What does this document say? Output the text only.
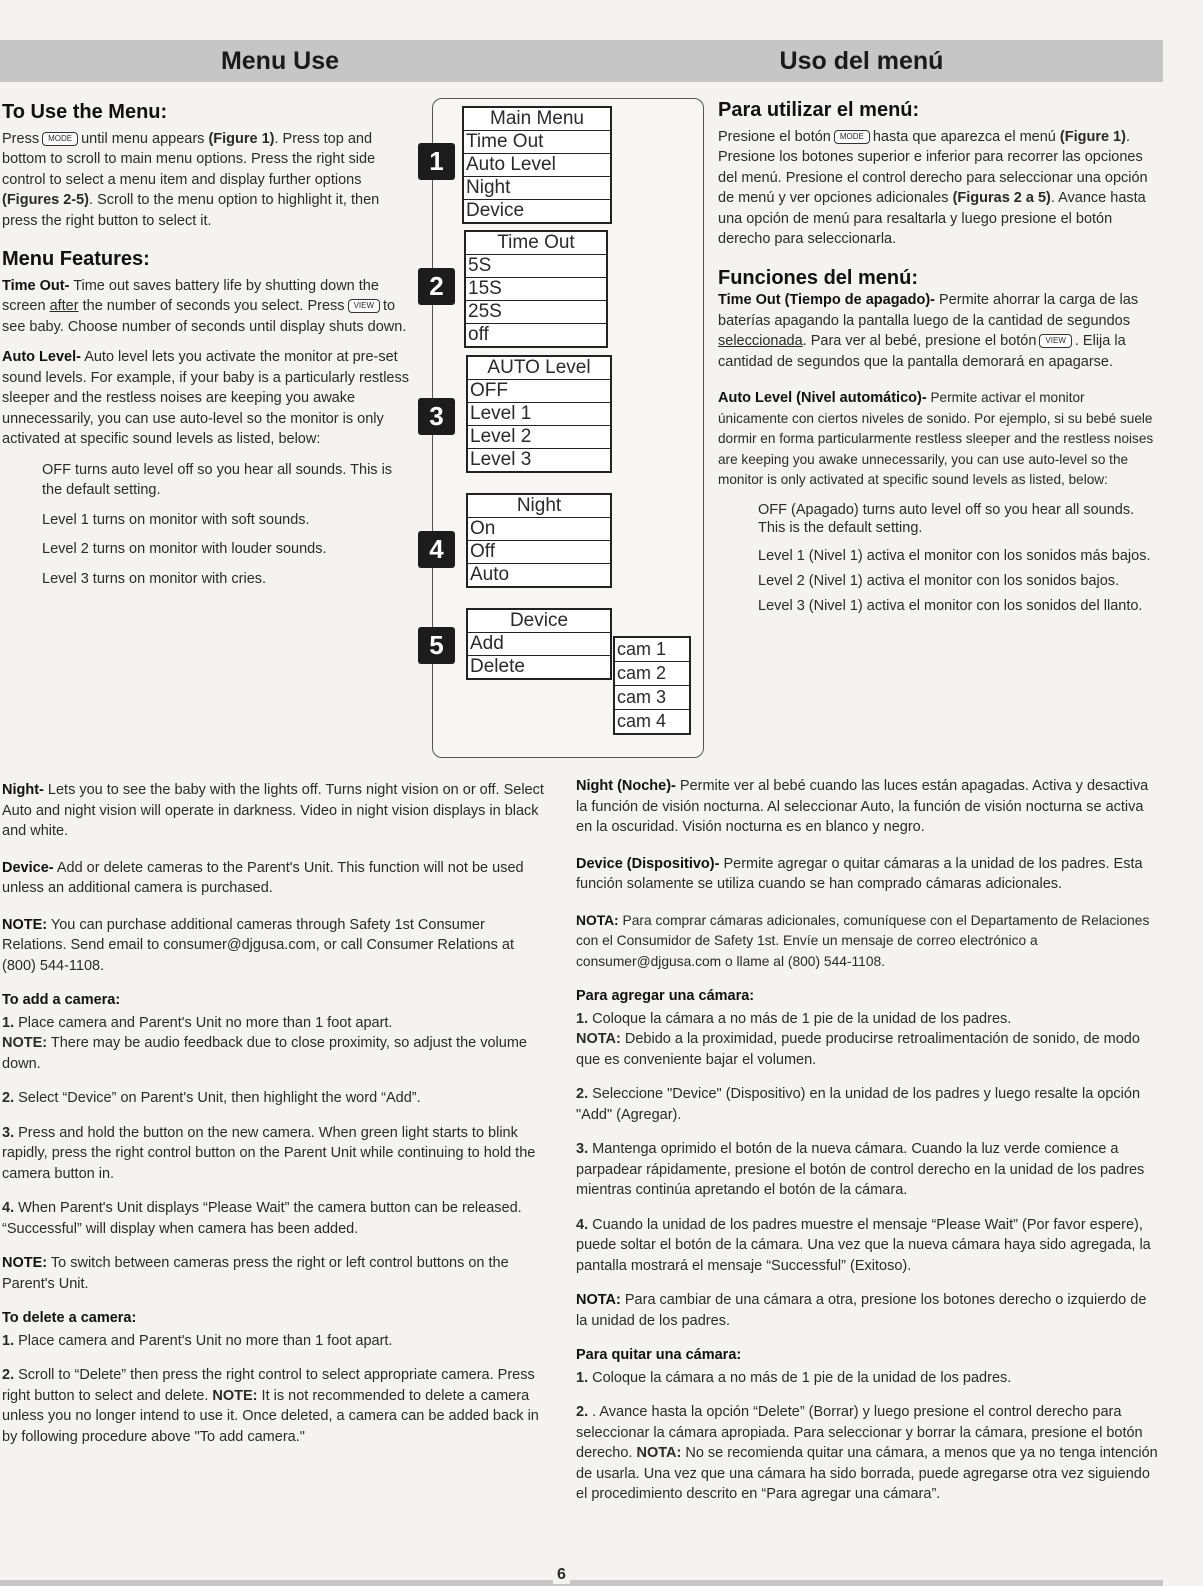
Menu Use	Uso del menú
To Use the Menu:

Press MODE until menu appears (Figure 1). Press top and bottom to scroll to main menu options. Press the right side control to select a menu item and display further options (Figures 2-5). Scroll to the menu option to highlight it, then press the right button to select it.

Menu Features:

Time Out- Time out saves battery life by shutting down the screen after the number of seconds you select. Press VIEW to see baby. Choose number of seconds until display shuts down.

Auto Level- Auto level lets you activate the monitor at pre-set sound levels. For example, if your baby is a particularly restless sleeper and the restless noises are keeping you awake unnecessarily, you can use auto-level so the monitor is only activated at specific sound levels as listed, below:

OFF turns auto level off so you hear all sounds. This is the default setting.

Level 1 turns on monitor with soft sounds.

Level 2 turns on monitor with louder sounds.

Level 3 turns on monitor with cries.

1
Main Menu
Time Out
Auto Level
Night
Device
2
Time Out
5S
15S
25S
off
3
AUTO Level
OFF
Level 1
Level 2
Level 3
4
Night
On
Off
Auto
5
Device
Add
Delete
cam 1
cam 2
cam 3
cam 4

Night- Lets you to see the baby with the lights off. Turns night vision on or off. Select Auto and night vision will operate in darkness. Video in night vision displays in black and white.

Device- Add or delete cameras to the Parent's Unit. This function will not be used unless an additional camera is purchased.

NOTE: You can purchase additional cameras through Safety 1st Consumer Relations. Send email to consumer@djgusa.com, or call Consumer Relations at (800) 544-1108.

To add a camera:

1. Place camera and Parent's Unit no more than 1 foot apart.
NOTE: There may be audio feedback due to close proximity, so adjust the volume down.

2. Select “Device” on Parent's Unit, then highlight the word “Add”.

3. Press and hold the button on the new camera. When green light starts to blink rapidly, press the right control button on the Parent Unit while continuing to hold the camera button in.

4. When Parent's Unit displays “Please Wait” the camera button can be released. “Successful” will display when camera has been added.

NOTE: To switch between cameras press the right or left control buttons on the Parent's Unit.

To delete a camera:

1. Place camera and Parent's Unit no more than 1 foot apart.

2. Scroll to “Delete” then press the right control to select appropriate camera. Press right button to select and delete. NOTE: It is not recommended to delete a camera unless you no longer intend to use it. Once deleted, a camera can be added back in by following procedure above "To add camera."

Para utilizar el menú:

Presione el botón MODE hasta que aparezca el menú (Figure 1). Presione los botones superior e inferior para recorrer las opciones del menú. Presione el control derecho para seleccionar una opción de menú y ver opciones adicionales (Figuras 2 a 5). Avance hasta una opción de menú para resaltarla y luego presione el botón derecho para seleccionarla.

Funciones del menú:

Time Out (Tiempo de apagado)- Permite ahorrar la carga de las baterías apagando la pantalla luego de la cantidad de segundos seleccionada. Para ver al bebé, presione el botón VIEW . Elija la cantidad de segundos que la pantalla demorará en apagarse.

Auto Level (Nivel automático)- Permite activar el monitor únicamente con ciertos niveles de sonido. Por ejemplo, si su bebé suele dormir en forma particularmente restless sleeper and the restless noises are keeping you awake unnecessarily, you can use auto-level so the monitor is only activated at specific sound levels as listed, below:

OFF (Apagado) turns auto level off so you hear all sounds. This is the default setting.

Level 1 (Nivel 1) activa el monitor con los sonidos más bajos.

Level 2 (Nivel 1) activa el monitor con los sonidos bajos.

Level 3 (Nivel 1) activa el monitor con los sonidos del llanto.

Night (Noche)- Permite ver al bebé cuando las luces están apagadas. Activa y desactiva la función de visión nocturna. Al seleccionar Auto, la función de visión nocturna se activa en la oscuridad. Visión nocturna es en blanco y negro.

Device (Dispositivo)- Permite agregar o quitar cámaras a la unidad de los padres. Esta función solamente se utiliza cuando se han comprado cámaras adicionales.

NOTA: Para comprar cámaras adicionales, comuníquese con el Departamento de Relaciones con el Consumidor de Safety 1st. Envíe un mensaje de correo electrónico a consumer@djgusa.com o llame al (800) 544-1108.

Para agregar una cámara:

1. Coloque la cámara a no más de 1 pie de la unidad de los padres.
NOTA: Debido a la proximidad, puede producirse retroalimentación de sonido, de modo que es conveniente bajar el volumen.

2. Seleccione "Device" (Dispositivo) en la unidad de los padres y luego resalte la opción "Add" (Agregar).

3. Mantenga oprimido el botón de la nueva cámara. Cuando la luz verde comience a parpadear rápidamente, presione el botón de control derecho en la unidad de los padres mientras continúa apretando el botón de la cámara.

4. Cuando la unidad de los padres muestre el mensaje “Please Wait” (Por favor espere), puede soltar el botón de la cámara. Una vez que la nueva cámara haya sido agregada, la pantalla mostrará el mensaje “Successful” (Exitoso).

NOTA: Para cambiar de una cámara a otra, presione los botones derecho o izquierdo de la unidad de los padres.

Para quitar una cámara:

1. Coloque la cámara a no más de 1 pie de la unidad de los padres.

2. . Avance hasta la opción “Delete” (Borrar) y luego presione el control derecho para seleccionar la cámara apropiada. Para seleccionar y borrar la cámara, presione el botón derecho. NOTA: No se recomienda quitar una cámara, a menos que ya no tenga intención de usarla. Una vez que una cámara ha sido borrada, puede agregarse otra vez siguiendo el procedimiento descrito en “Para agregar una cámara”.

6
